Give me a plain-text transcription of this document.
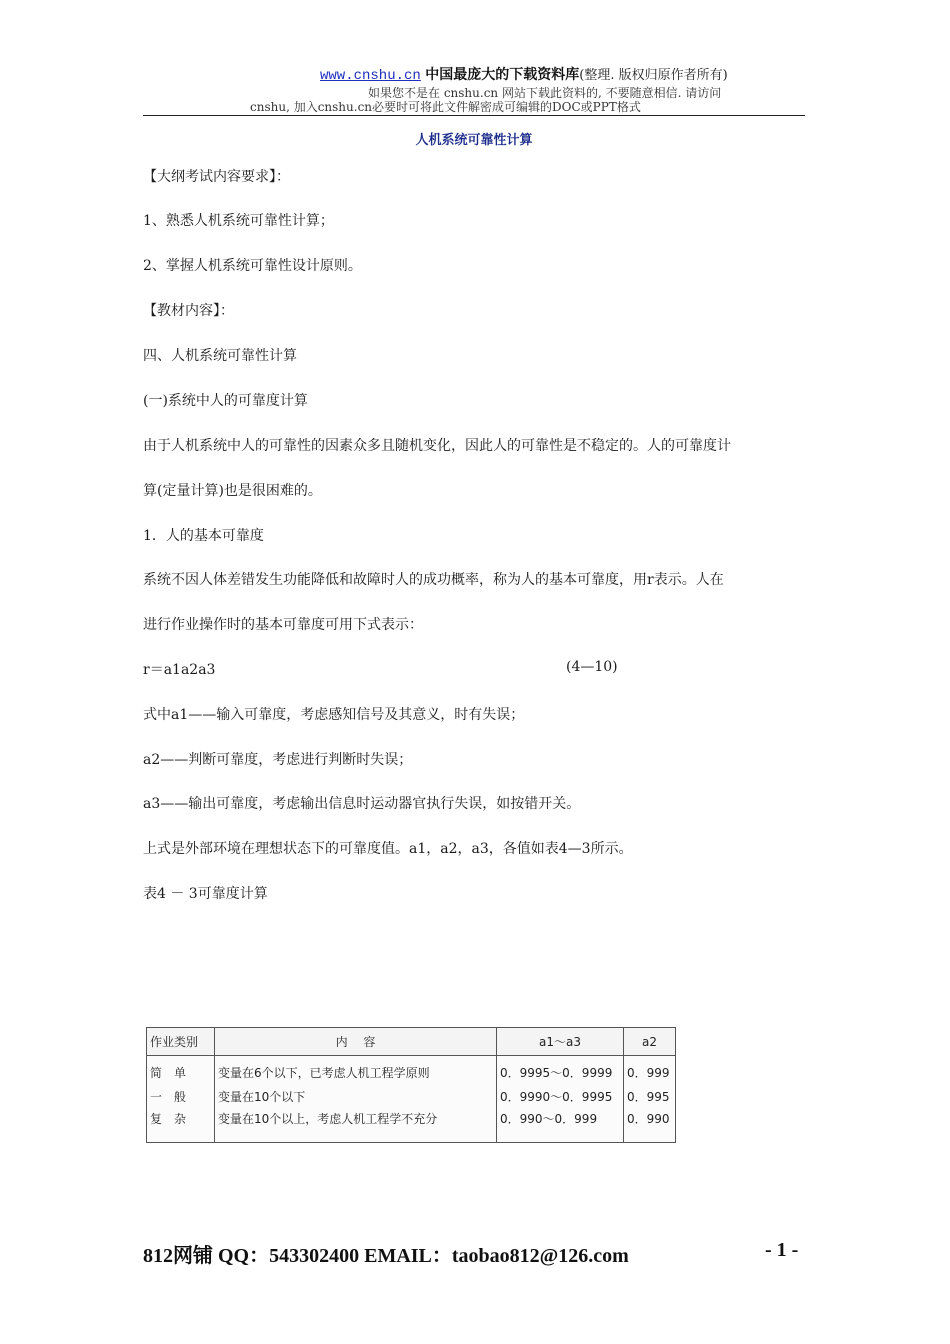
www.cnshu.cn 中国最庞大的下载资料库(整理. 版权归原作者所有)
如果您不是在 cnshu.cn 网站下载此资料的, 不要随意相信. 请访问
cnshu, 加入cnshu.cn必要时可将此文件解密成可编辑的DOC或PPT格式
人机系统可靠性计算
【大纲考试内容要求】：
1、熟悉人机系统可靠性计算；
2、掌握人机系统可靠性设计原则。
【教材内容】：
四、人机系统可靠性计算
(一)系统中人的可靠度计算
由于人机系统中人的可靠性的因素众多且随机变化，因此人的可靠性是不稳定的。人的可靠度计
算(定量计算)也是很困难的。
1．人的基本可靠度
系统不因人体差错发生功能降低和故障时人的成功概率，称为人的基本可靠度，用r表示。人在
进行作业操作时的基本可靠度可用下式表示：
r＝a1a2a3	(4—10)
式中a1——输入可靠度，考虑感知信号及其意义，时有失误；
a2——判断可靠度，考虑进行判断时失误；
a3——输出可靠度，考虑输出信息时运动器官执行失误，如按错开关。
上式是外部环境在理想状态下的可靠度值。a1，a2，a3，各值如表4—3所示。
表4 － 3可靠度计算
作业类别	内　 容	a1～a3	a2
简　单	变量在6个以下，已考虑人机工程学原则	0．9995～0．9999	0．999
一　般	变量在10个以下	0．9990～0．9995	0．995
复　杂	变量在10个以上，考虑人机工程学不充分	0．990～0．999	0．990
812网铺 QQ：543302400 EMAIL：taobao812@126.com	- 1 -
